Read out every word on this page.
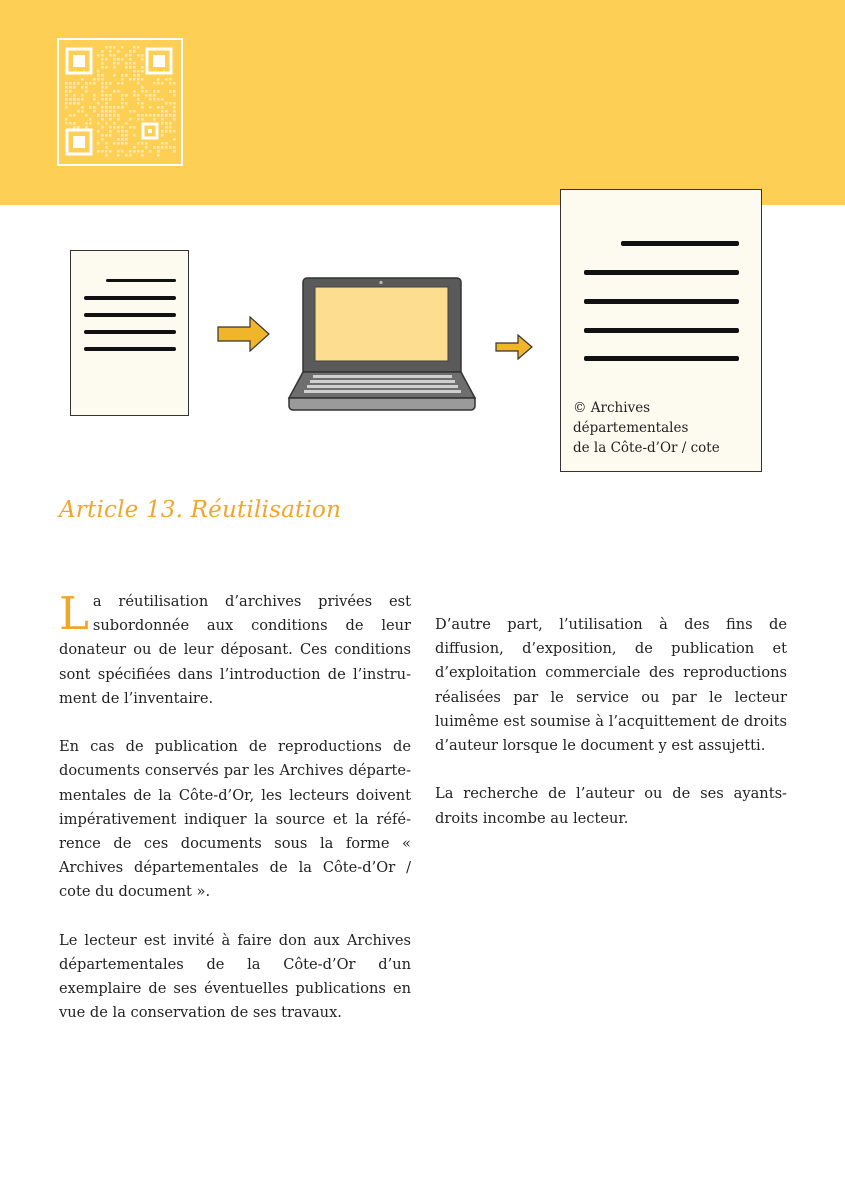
© Archives départementales
de la Côte-d’Or / cote
Article 13. Réutilisation

La réutilisation d’archives privées est subordonnée aux conditions de leur donateur ou de leur déposant. Ces conditions sont spécifiées dans l’introduction de l’instrument de l’inventaire.

En cas de publication de reproductions de documents conservés par les Archives départementales de la Côte-d’Or, les lecteurs doivent impérativement indiquer la source et la référence de ces documents sous la forme « Archives départementales de la Côte-d’Or / cote du document ».

Le lecteur est invité à faire don aux Archives départementales de la Côte-d’Or d’un exemplaire de ses éventuelles publications en vue de la conservation de ses travaux.

D’autre part, l’utilisation à des fins de diffusion, d’exposition, de publication et d’exploitation commerciale des reproductions réalisées par le service ou par le lecteur luimême est soumise à l’acquittement de droits d’auteur lorsque le document y est assujetti.

La recherche de l’auteur ou de ses ayants-droits incombe au lecteur.
